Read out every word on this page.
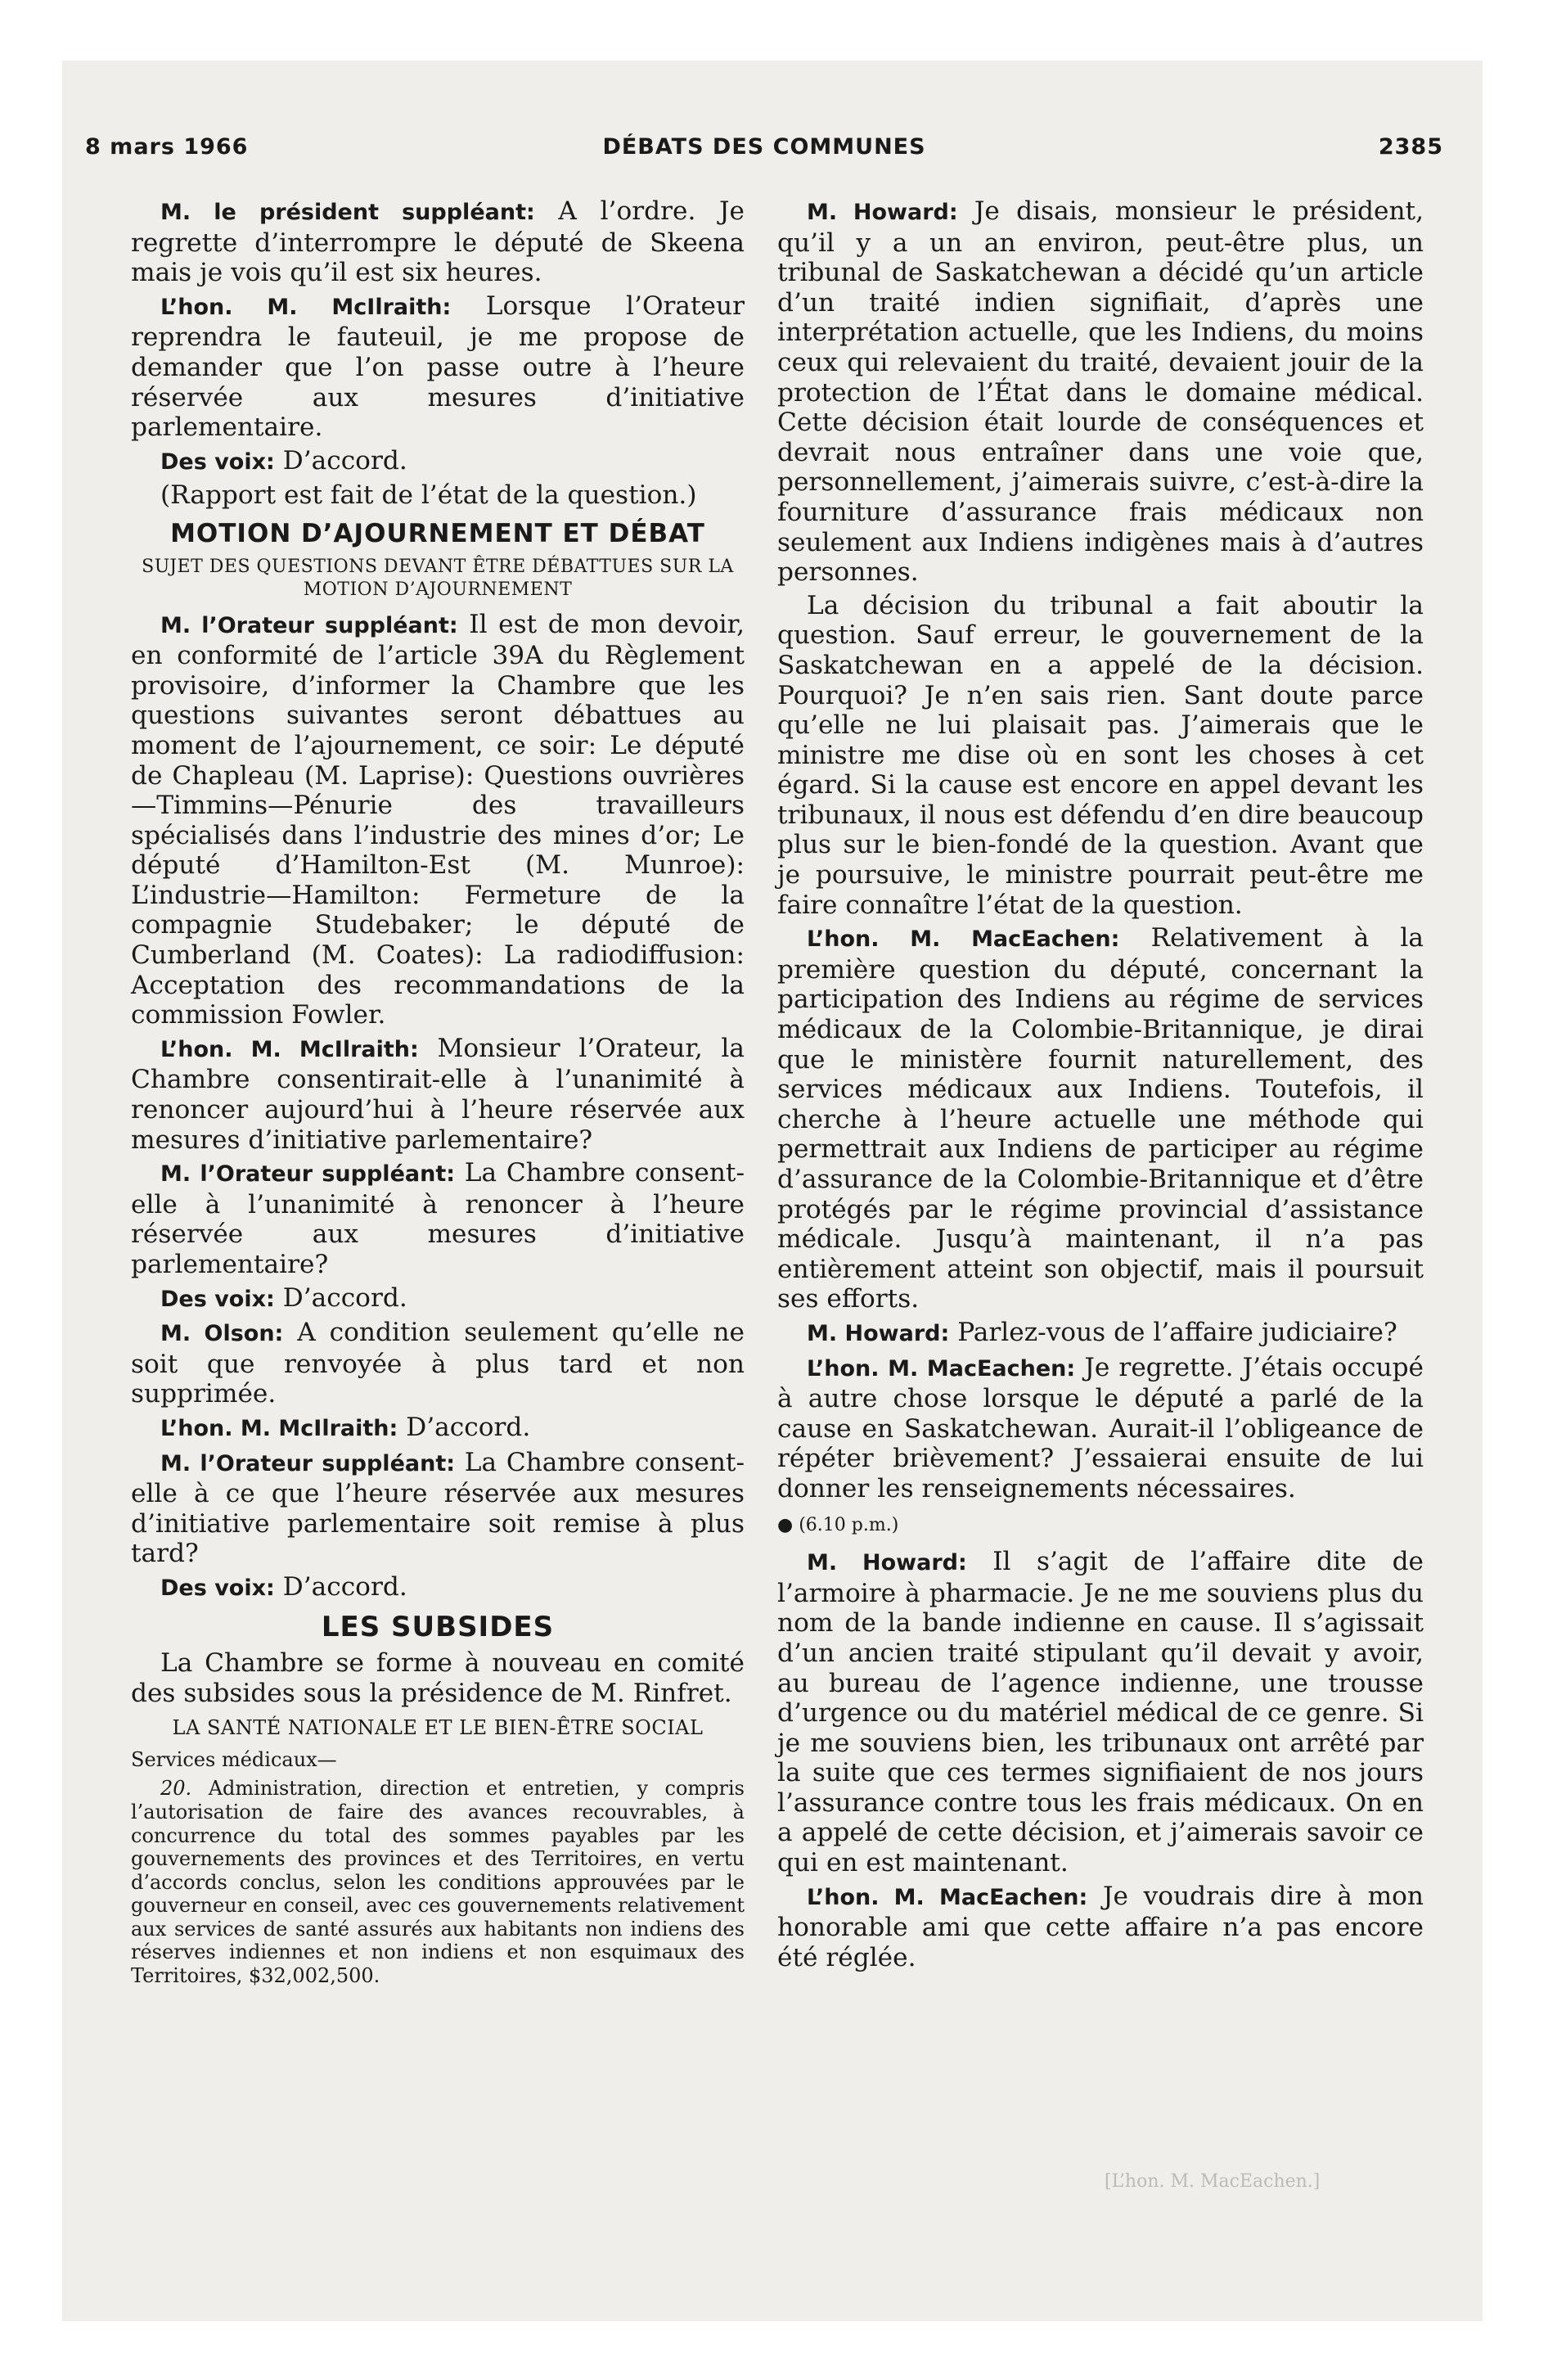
8 mars 1966	DÉBATS DES COMMUNES	2385

M. le président suppléant: A l’ordre. Je regrette d’interrompre le député de Skeena mais je vois qu’il est six heures.

L’hon. M. McIlraith: Lorsque l’Orateur reprendra le fauteuil, je me propose de demander que l’on passe outre à l’heure réservée aux mesures d’initiative parlementaire.

Des voix: D’accord.

(Rapport est fait de l’état de la question.)

MOTION D’AJOURNEMENT ET DÉBAT
SUJET DES QUESTIONS DEVANT ÊTRE DÉBATTUES SUR LA MOTION D’AJOURNEMENT

M. l’Orateur suppléant: Il est de mon devoir, en conformité de l’article 39A du Règlement provisoire, d’informer la Chambre que les questions suivantes seront débattues au moment de l’ajournement, ce soir: Le député de Chapleau (M. Laprise): Questions ouvrières—Timmins—Pénurie des travailleurs spécialisés dans l’industrie des mines d’or; Le député d’Hamilton-Est (M. Munroe): L’industrie—Hamilton: Fermeture de la compagnie Studebaker; le député de Cumberland (M. Coates): La radiodiffusion: Acceptation des recommandations de la commission Fowler.

L’hon. M. McIlraith: Monsieur l’Orateur, la Chambre consentirait-elle à l’unanimité à renoncer aujourd’hui à l’heure réservée aux mesures d’initiative parlementaire?

M. l’Orateur suppléant: La Chambre consent-elle à l’unanimité à renoncer à l’heure réservée aux mesures d’initiative parlementaire?

Des voix: D’accord.

M. Olson: A condition seulement qu’elle ne soit que renvoyée à plus tard et non supprimée.

L’hon. M. McIlraith: D’accord.

M. l’Orateur suppléant: La Chambre consent-elle à ce que l’heure réservée aux mesures d’initiative parlementaire soit remise à plus tard?

Des voix: D’accord.

LES SUBSIDES

La Chambre se forme à nouveau en comité des subsides sous la présidence de M. Rinfret.

LA SANTÉ NATIONALE ET LE BIEN-ÊTRE SOCIAL
Services médicaux—

20. Administration, direction et entretien, y compris l’autorisation de faire des avances recouvrables, à concurrence du total des sommes payables par les gouvernements des provinces et des Territoires, en vertu d’accords conclus, selon les conditions approuvées par le gouverneur en conseil, avec ces gouvernements relativement aux services de santé assurés aux habitants non indiens des réserves indiennes et non indiens et non esquimaux des Territoires, $32,002,500.

M. Howard: Je disais, monsieur le président, qu’il y a un an environ, peut-être plus, un tribunal de Saskatchewan a décidé qu’un article d’un traité indien signifiait, d’après une interprétation actuelle, que les Indiens, du moins ceux qui relevaient du traité, devaient jouir de la protection de l’État dans le domaine médical. Cette décision était lourde de conséquences et devrait nous entraîner dans une voie que, personnellement, j’aimerais suivre, c’est-à-dire la fourniture d’assurance frais médicaux non seulement aux Indiens indigènes mais à d’autres personnes.

La décision du tribunal a fait aboutir la question. Sauf erreur, le gouvernement de la Saskatchewan en a appelé de la décision. Pourquoi? Je n’en sais rien. Sant doute parce qu’elle ne lui plaisait pas. J’aimerais que le ministre me dise où en sont les choses à cet égard. Si la cause est encore en appel devant les tribunaux, il nous est défendu d’en dire beaucoup plus sur le bien-fondé de la question. Avant que je poursuive, le ministre pourrait peut-être me faire connaître l’état de la question.

L’hon. M. MacEachen: Relativement à la première question du député, concernant la participation des Indiens au régime de services médicaux de la Colombie-Britannique, je dirai que le ministère fournit naturellement, des services médicaux aux Indiens. Toutefois, il cherche à l’heure actuelle une méthode qui permettrait aux Indiens de participer au régime d’assurance de la Colombie-Britannique et d’être protégés par le régime provincial d’assistance médicale. Jusqu’à maintenant, il n’a pas entièrement atteint son objectif, mais il poursuit ses efforts.

M. Howard: Parlez-vous de l’affaire judiciaire?

L’hon. M. MacEachen: Je regrette. J’étais occupé à autre chose lorsque le député a parlé de la cause en Saskatchewan. Aurait-il l’obligeance de répéter brièvement? J’essaierai ensuite de lui donner les renseignements nécessaires.

● (6.10 p.m.)

M. Howard: Il s’agit de l’affaire dite de l’armoire à pharmacie. Je ne me souviens plus du nom de la bande indienne en cause. Il s’agissait d’un ancien traité stipulant qu’il devait y avoir, au bureau de l’agence indienne, une trousse d’urgence ou du matériel médical de ce genre. Si je me souviens bien, les tribunaux ont arrêté par la suite que ces termes signifiaient de nos jours l’assurance contre tous les frais médicaux. On en a appelé de cette décision, et j’aimerais savoir ce qui en est maintenant.

L’hon. M. MacEachen: Je voudrais dire à mon honorable ami que cette affaire n’a pas encore été réglée.

[L’hon. M. MacEachen.]
